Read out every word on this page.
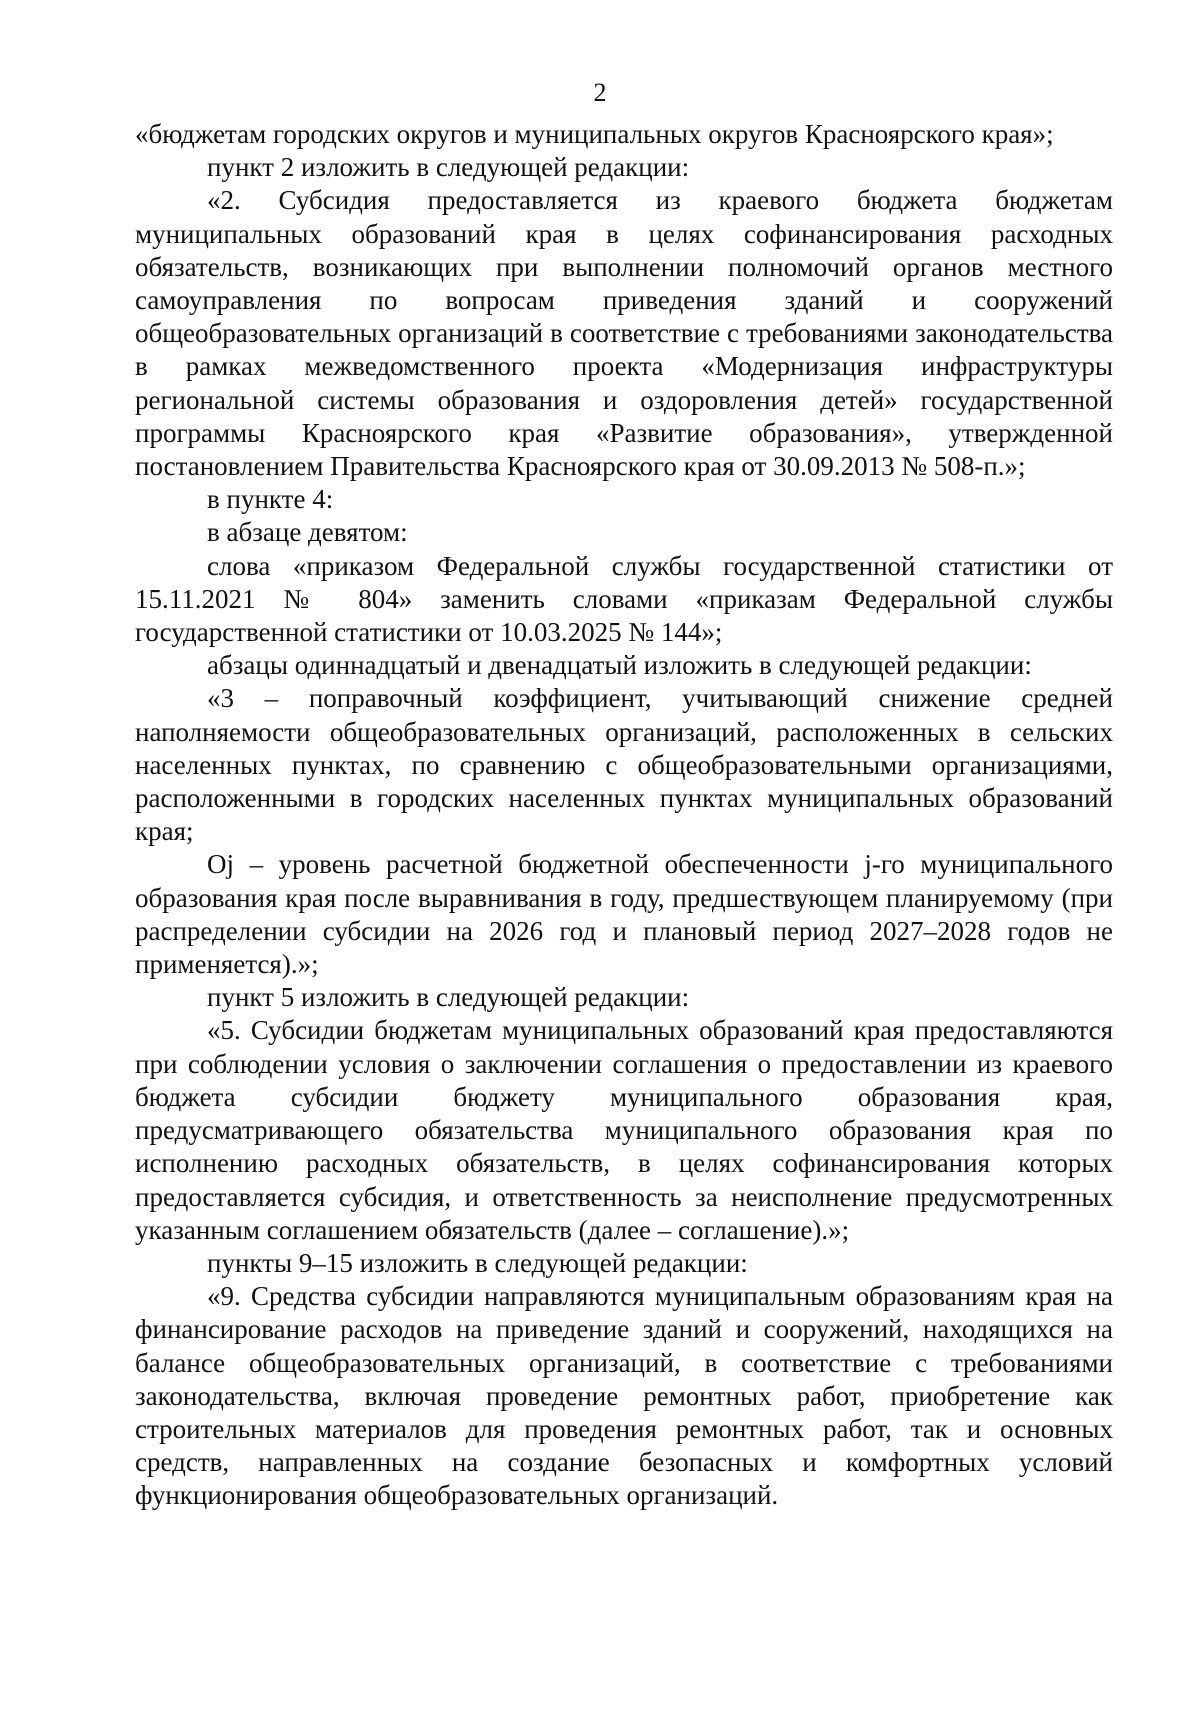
2

«бюджетам городских округов и муниципальных округов Красноярского края»;

пункт 2 изложить в следующей редакции:

«2. Субсидия предоставляется из краевого бюджета бюджетам муниципальных образований края в целях софинансирования расходных обязательств, возникающих при выполнении полномочий органов местного самоуправления по вопросам приведения зданий и сооружений общеобразовательных организаций в соответствие с требованиями законодательства в рамках межведомственного проекта «Модернизация инфраструктуры региональной системы образования и оздоровления детей» государственной программы Красноярского края «Развитие образования», утвержденной постановлением Правительства Красноярского края от 30.09.2013 № 508-п.»;

в пункте 4:

в абзаце девятом:

слова «приказом Федеральной службы государственной статистики от 15.11.2021 № 804» заменить словами «приказам Федеральной службы государственной статистики от 10.03.2025 № 144»;

абзацы одиннадцатый и двенадцатый изложить в следующей редакции:

«3 – поправочный коэффициент, учитывающий снижение средней наполняемости общеобразовательных организаций, расположенных в сельских населенных пунктах, по сравнению с общеобразовательными организациями, расположенными в городских населенных пунктах муниципальных образований края;

Oj – уровень расчетной бюджетной обеспеченности j-го муниципального образования края после выравнивания в году, предшествующем планируемому (при распределении субсидии на 2026 год и плановый период 2027–2028 годов не применяется).»;

пункт 5 изложить в следующей редакции:

«5. Субсидии бюджетам муниципальных образований края предоставляются при соблюдении условия о заключении соглашения о предоставлении из краевого бюджета субсидии бюджету муниципального образования края, предусматривающего обязательства муниципального образования края по исполнению расходных обязательств, в целях софинансирования которых предоставляется субсидия, и ответственность за неисполнение предусмотренных указанным соглашением обязательств (далее – соглашение).»;

пункты 9–15 изложить в следующей редакции:

«9. Средства субсидии направляются муниципальным образованиям края на финансирование расходов на приведение зданий и сооружений, находящихся на балансе общеобразовательных организаций, в соответствие с требованиями законодательства, включая проведение ремонтных работ, приобретение как строительных материалов для проведения ремонтных работ, так и основных средств, направленных на создание безопасных и комфортных условий функционирования общеобразовательных организаций.
